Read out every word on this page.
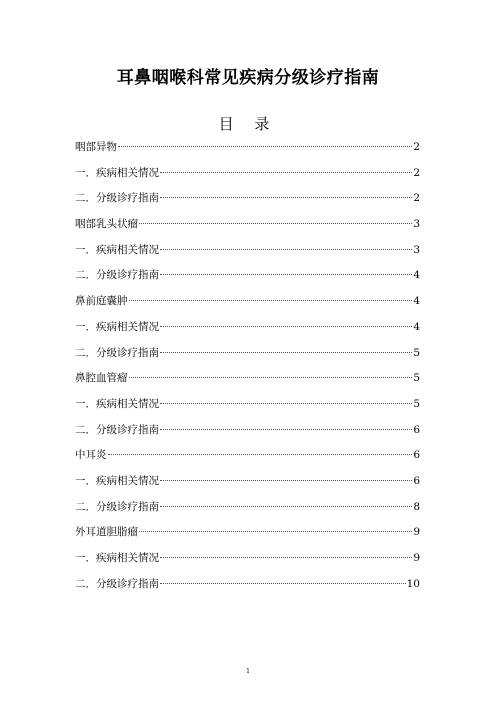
耳鼻咽喉科常见疾病分级诊疗指南
目 录
咽部异物	2
一．疾病相关情况	2
二．分级诊疗指南	2
咽部乳头状瘤	3
一．疾病相关情况	3
二．分级诊疗指南	4
鼻前庭囊肿	4
一．疾病相关情况	4
二．分级诊疗指南	5
鼻腔血管瘤	5
一．疾病相关情况	5
二．分级诊疗指南	6
中耳炎	6
一．疾病相关情况	6
二．分级诊疗指南	8
外耳道胆脂瘤	9
一．疾病相关情况	9
二．分级诊疗指南	10
1
